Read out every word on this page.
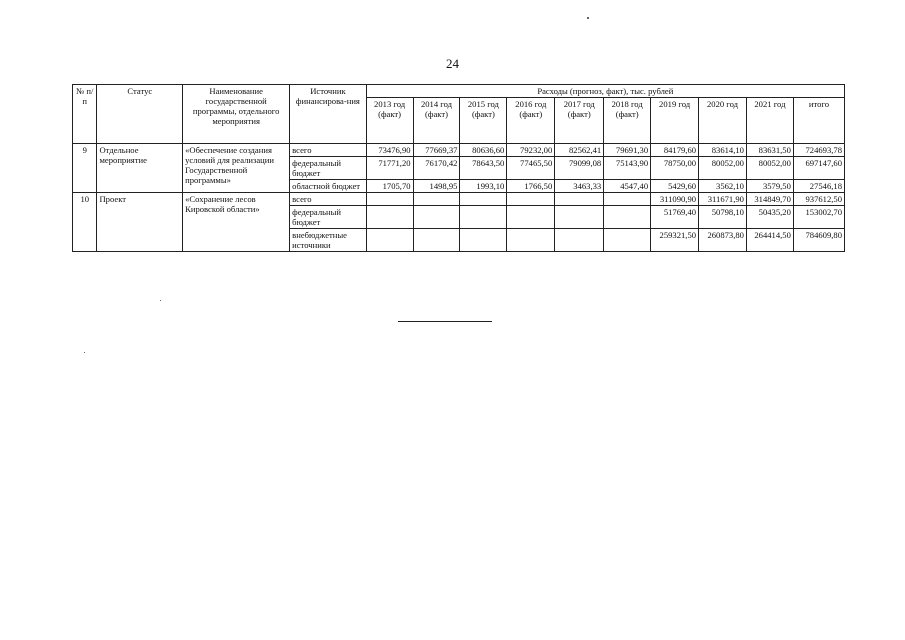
24
№ п/п	Статус	Наименование государственной программы, отдельного мероприятия	Источник финансирова-ния	Расходы (прогноз, факт), тыс. рублей									
				2013 год (факт)	2014 год (факт)	2015 год (факт)	2016 год (факт)	2017 год (факт)	2018 год (факт)	2019 год	2020 год	2021 год	итого
9	Отдельное мероприятие	«Обеспечение создания условий для реализации Государственной программы»	всего	73476,90	77669,37	80636,60	79232,00	82562,41	79691,30	84179,60	83614,10	83631,50	724693,78
			федеральный бюджет	71771,20	76170,42	78643,50	77465,50	79099,08	75143,90	78750,00	80052,00	80052,00	697147,60
			областной бюджет	1705,70	1498,95	1993,10	1766,50	3463,33	4547,40	5429,60	3562,10	3579,50	27546,18
10	Проект	«Сохранение лесов Кировской области»	всего							311090,90	311671,90	314849,70	937612,50
			федеральный бюджет							51769,40	50798,10	50435,20	153002,70
			внебюджетные источники							259321,50	260873,80	264414,50	784609,80
